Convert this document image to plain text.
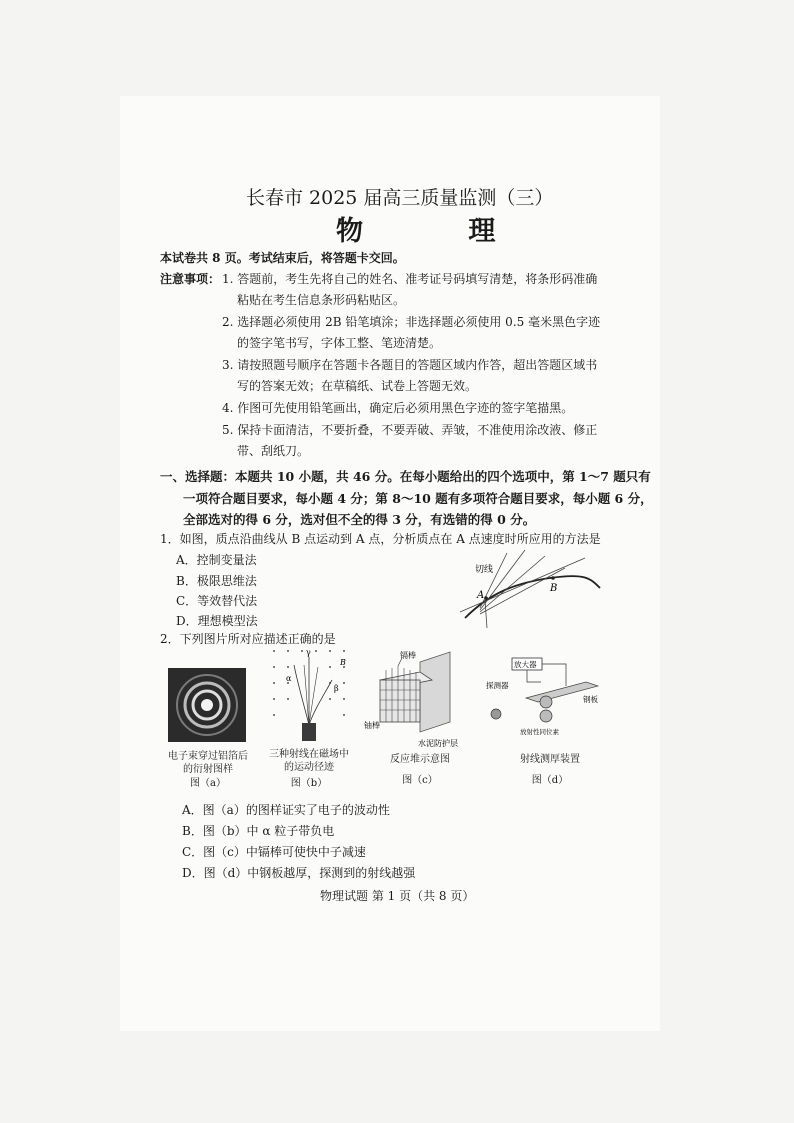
长春市 2025 届高三质量监测（三）
物 理
本试卷共 8 页。考试结束后，将答题卡交回。
注意事项： 1. 答题前，考生先将自己的姓名、准考证号码填写清楚，将条形码准确
粘贴在考生信息条形码粘贴区。
2. 选择题必须使用 2B 铅笔填涂；非选择题必须使用 0.5 毫米黑色字迹
的签字笔书写，字体工整、笔迹清楚。
3. 请按照题号顺序在答题卡各题目的答题区域内作答，超出答题区域书
写的答案无效；在草稿纸、试卷上答题无效。
4. 作图可先使用铅笔画出，确定后必须用黑色字迹的签字笔描黑。
5. 保持卡面清洁，不要折叠，不要弄破、弄皱，不准使用涂改液、修正
带、刮纸刀。
一、选择题：本题共 10 小题，共 46 分。在每小题给出的四个选项中，第 1～7 题只有
一项符合题目要求，每小题 4 分；第 8～10 题有多项符合题目要求，每小题 6 分，
全部选对的得 6 分，选对但不全的得 3 分，有选错的得 0 分。
1．如图，质点沿曲线从 B 点运动到 A 点，分析质点在 A 点速度时所应用的方法是
A．控制变量法
B．极限思维法
C．等效替代法
D．理想模型法
A
B
切线
2．下列图片所对应描述正确的是
电子束穿过铝箔后的衍射图样
图（a）
α
γ
β
B
三种射线在磁场中的运动径迹
图（b）
镉棒
铀棒
水泥防护层
反应堆示意图
图（c）
放大器
探测器
钢板
放射性同位素
射线测厚装置
图（d）
A．图（a）的图样证实了电子的波动性
B．图（b）中 α 粒子带负电
C．图（c）中镉棒可使快中子减速
D．图（d）中钢板越厚，探测到的射线越强
物理试题 第 1 页（共 8 页）
